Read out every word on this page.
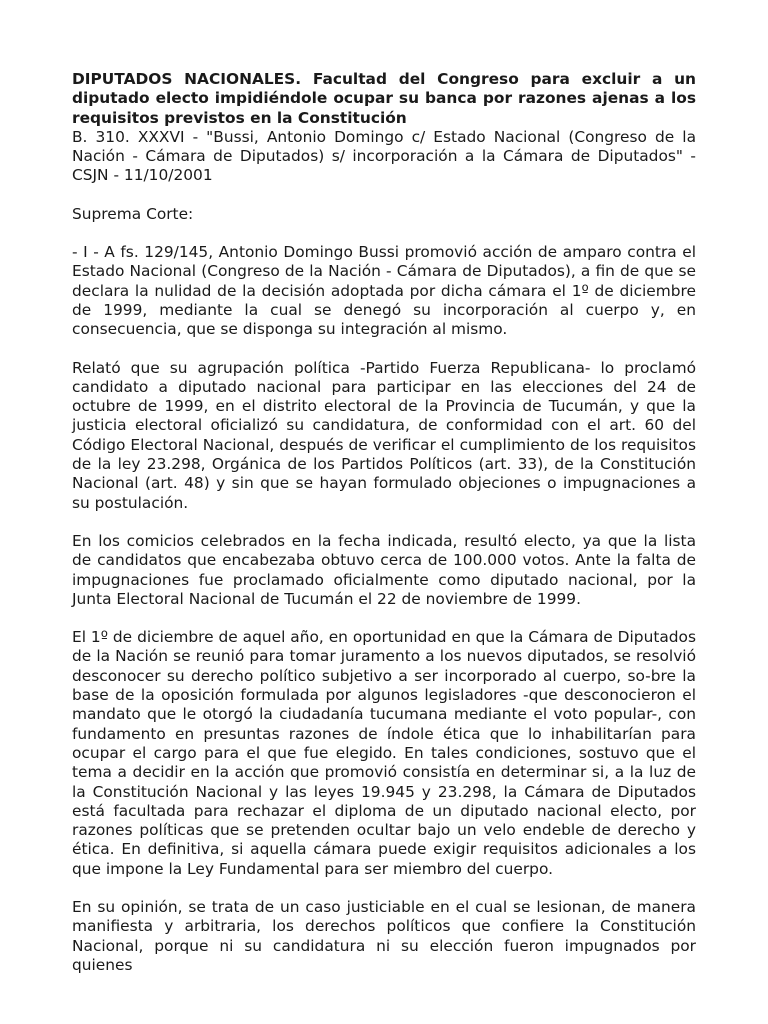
DIPUTADOS NACIONALES. Facultad del Congreso para excluir a un diputado electo impidiéndole ocupar su banca por razones ajenas a los requisitos previstos en la Constitución

B. 310. XXXVI - "Bussi, Antonio Domingo c/ Estado Nacional (Congreso de la Nación - Cámara de Diputados) s/ incorporación a la Cámara de Diputados" - CSJN - 11/10/2001

Suprema Corte:

- I - A fs. 129/145, Antonio Domingo Bussi promovió acción de amparo contra el Estado Nacional (Congreso de la Nación - Cámara de Diputados), a fin de que se declara la nulidad de la decisión adoptada por dicha cámara el 1º de diciembre de 1999, mediante la cual se denegó su incorporación al cuerpo y, en consecuencia, que se disponga su integración al mismo.

Relató que su agrupación política -Partido Fuerza Republicana- lo proclamó candidato a diputado nacional para participar en las elecciones del 24 de octubre de 1999, en el distrito electoral de la Provincia de Tucumán, y que la justicia electoral oficializó su candidatura, de conformidad con el art. 60 del Código Electoral Nacional, después de verificar el cumplimiento de los requisitos de la ley 23.298, Orgánica de los Partidos Políticos (art. 33), de la Constitución Nacional (art. 48) y sin que se hayan formulado objeciones o impugnaciones a su postulación.

En los comicios celebrados en la fecha indicada, resultó electo, ya que la lista de candidatos que encabezaba obtuvo cerca de 100.000 votos. Ante la falta de impugnaciones fue proclamado oficialmente como diputado nacional, por la Junta Electoral Nacional de Tucumán el 22 de noviembre de 1999.

El 1º de diciembre de aquel año, en oportunidad en que la Cámara de Diputados de la Nación se reunió para tomar juramento a los nuevos diputados, se resolvió desconocer su derecho político subjetivo a ser incorporado al cuerpo, so-bre la base de la oposición formulada por algunos legisladores -que desconocieron el mandato que le otorgó la ciudadanía tucumana mediante el voto popular-, con fundamento en presuntas razones de índole ética que lo inhabilitarían para ocupar el cargo para el que fue elegido. En tales condiciones, sostuvo que el tema a decidir en la acción que promovió consistía en determinar si, a la luz de la Constitución Nacional y las leyes 19.945 y 23.298, la Cámara de Diputados está facultada para rechazar el diploma de un diputado nacional electo, por razones políticas que se pretenden ocultar bajo un velo endeble de derecho y ética. En definitiva, si aquella cámara puede exigir requisitos adicionales a los que impone la Ley Fundamental para ser miembro del cuerpo.

En su opinión, se trata de un caso justiciable en el cual se lesionan, de manera manifiesta y arbitraria, los derechos políticos que confiere la Constitución Nacional, porque ni su candidatura ni su elección fueron impugnados por quienes
